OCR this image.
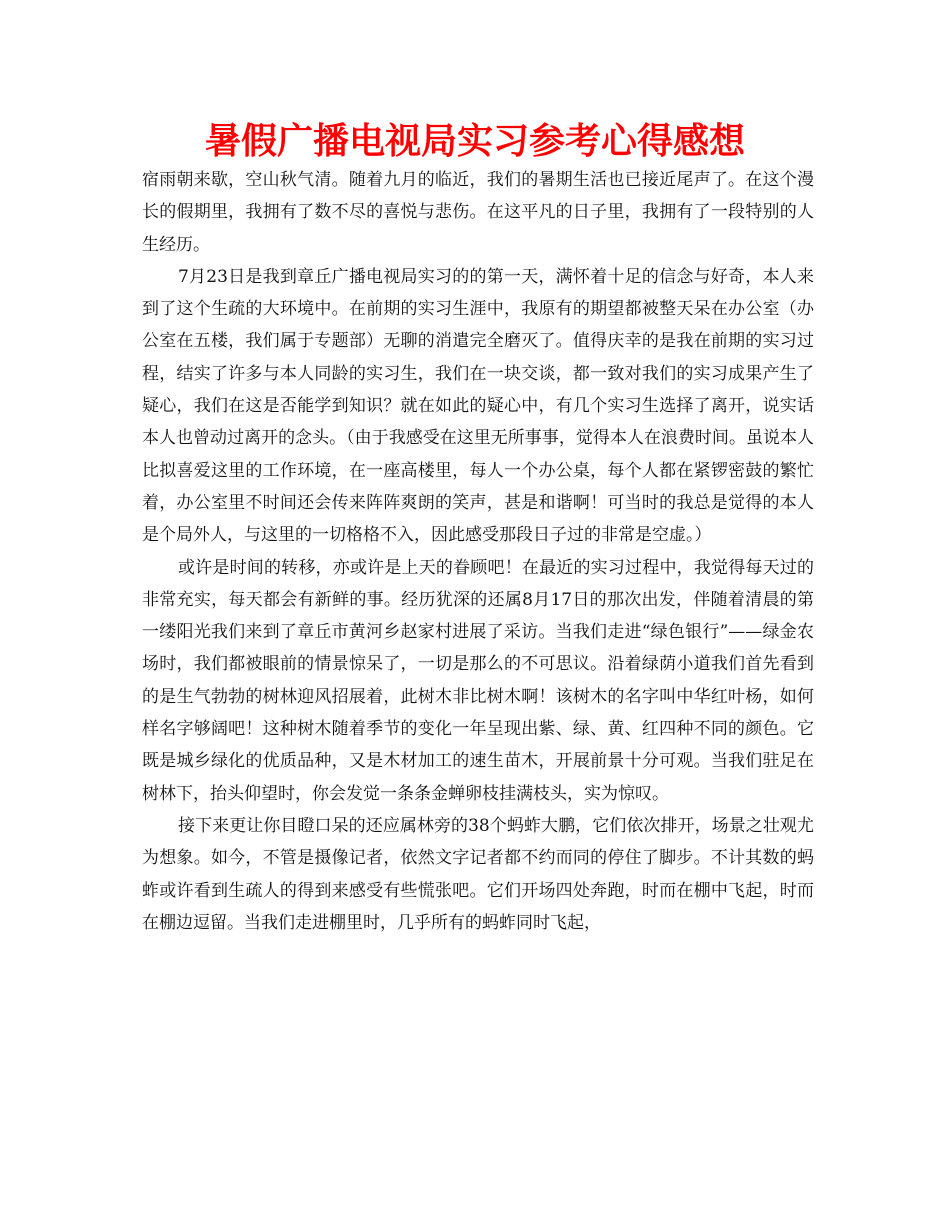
暑假广播电视局实习参考心得感想

宿雨朝来歇，空山秋气清。随着九月的临近，我们的暑期生活也已接近尾声了。在这个漫长的假期里，我拥有了数不尽的喜悦与悲伤。在这平凡的日子里，我拥有了一段特别的人生经历。

7月23日是我到章丘广播电视局实习的的第一天，满怀着十足的信念与好奇，本人来到了这个生疏的大环境中。在前期的实习生涯中，我原有的期望都被整天呆在办公室（办公室在五楼，我们属于专题部）无聊的消遣完全磨灭了。值得庆幸的是我在前期的实习过程，结实了许多与本人同龄的实习生，我们在一块交谈，都一致对我们的实习成果产生了疑心，我们在这是否能学到知识？就在如此的疑心中，有几个实习生选择了离开，说实话本人也曾动过离开的念头。（由于我感受在这里无所事事，觉得本人在浪费时间。虽说本人比拟喜爱这里的工作环境，在一座高楼里，每人一个办公桌，每个人都在紧锣密鼓的繁忙着，办公室里不时间还会传来阵阵爽朗的笑声，甚是和谐啊！可当时的我总是觉得的本人是个局外人，与这里的一切格格不入，因此感受那段日子过的非常是空虚。）

或许是时间的转移，亦或许是上天的眷顾吧！在最近的实习过程中，我觉得每天过的非常充实，每天都会有新鲜的事。经历犹深的还属8月17日的那次出发，伴随着清晨的第一缕阳光我们来到了章丘市黄河乡赵家村进展了采访。当我们走进“绿色银行”——绿金农场时，我们都被眼前的情景惊呆了，一切是那么的不可思议。沿着绿荫小道我们首先看到的是生气勃勃的树林迎风招展着，此树木非比树木啊！该树木的名字叫中华红叶杨，如何样名字够阔吧！这种树木随着季节的变化一年呈现出紫、绿、黄、红四种不同的颜色。它既是城乡绿化的优质品种，又是木材加工的速生苗木，开展前景十分可观。当我们驻足在树林下，抬头仰望时，你会发觉一条条金蝉卵枝挂满枝头，实为惊叹。

接下来更让你目瞪口呆的还应属林旁的38个蚂蚱大鹏，它们依次排开，场景之壮观尤为想象。如今，不管是摄像记者，依然文字记者都不约而同的停住了脚步。不计其数的蚂蚱或许看到生疏人的得到来感受有些慌张吧。它们开场四处奔跑，时而在棚中飞起，时而在棚边逗留。当我们走进棚里时，几乎所有的蚂蚱同时飞起，
